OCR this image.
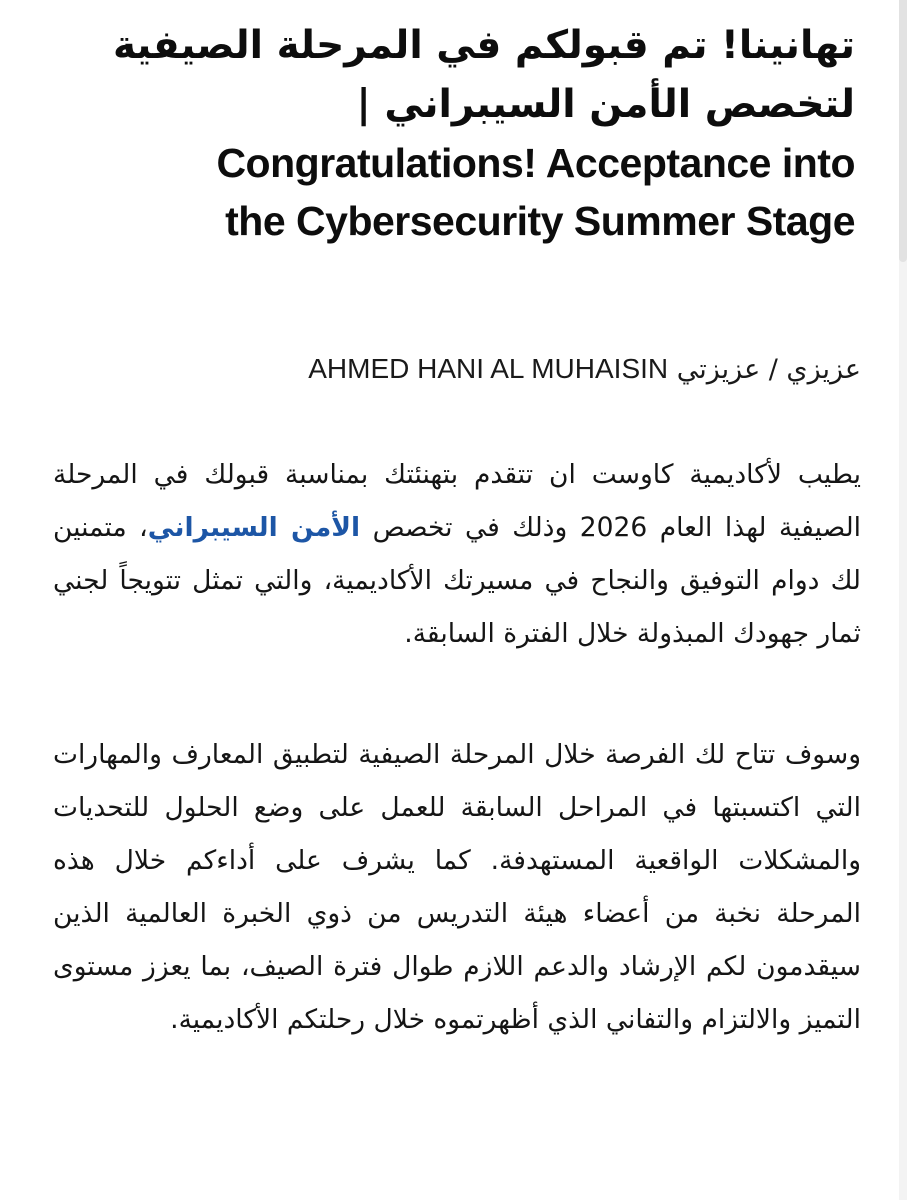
تهانينا! تم قبولكم في المرحلة الصيفية
لتخصص الأمن السيبراني |
Congratulations! Acceptance into
the Cybersecurity Summer Stage

عزيزي / عزيزتي AHMED HANI AL MUHAISIN

يطيب لأكاديمية كاوست ان تتقدم بتهنئتك بمناسبة قبولك في المرحلة الصيفية لهذا العام 2026 وذلك في تخصص الأمن السيبراني، متمنين لك دوام التوفيق والنجاح في مسيرتك الأكاديمية، والتي تمثل تتويجاً لجني ثمار جهودك المبذولة خلال الفترة السابقة.

وسوف تتاح لك الفرصة خلال المرحلة الصيفية لتطبيق المعارف والمهارات التي اكتسبتها في المراحل السابقة للعمل على وضع الحلول للتحديات والمشكلات الواقعية المستهدفة. كما يشرف على أداءكم خلال هذه المرحلة نخبة من أعضاء هيئة التدريس من ذوي الخبرة العالمية الذين سيقدمون لكم الإرشاد والدعم اللازم طوال فترة الصيف، بما يعزز مستوى التميز والالتزام والتفاني الذي أظهرتموه خلال رحلتكم الأكاديمية.
